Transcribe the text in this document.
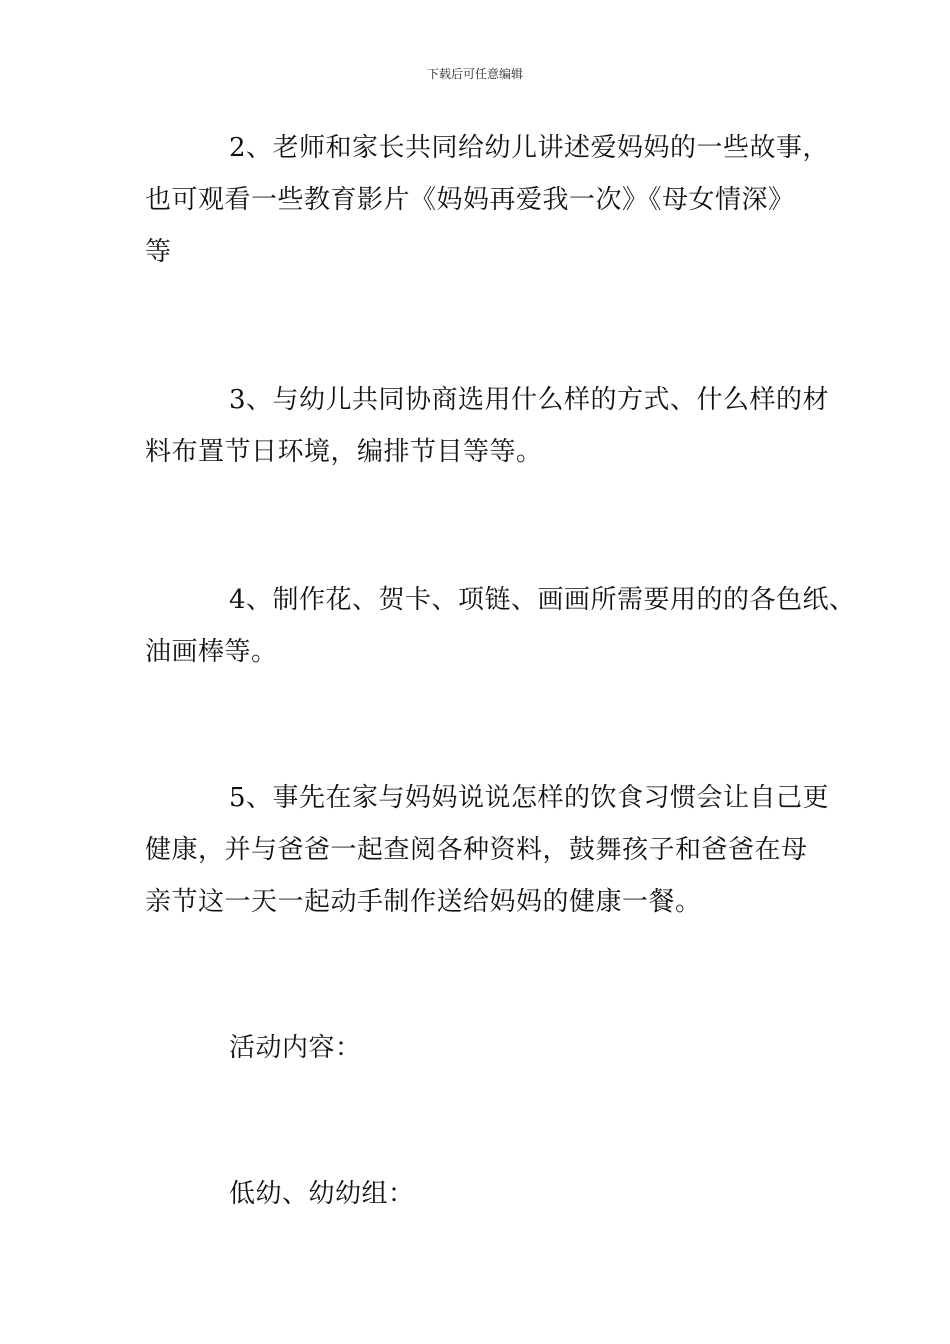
下载后可任意编辑
2、老师和家长共同给幼儿讲述爱妈妈的一些故事，
也可观看一些教育影片《妈妈再爱我一次》《母女情深》
等
3、与幼儿共同协商选用什么样的方式、什么样的材
料布置节日环境，编排节目等等。
4、制作花、贺卡、项链、画画所需要用的的各色纸、
油画棒等。
5、事先在家与妈妈说说怎样的饮食习惯会让自己更
健康，并与爸爸一起查阅各种资料，鼓舞孩子和爸爸在母
亲节这一天一起动手制作送给妈妈的健康一餐。
活动内容：
低幼、幼幼组：
